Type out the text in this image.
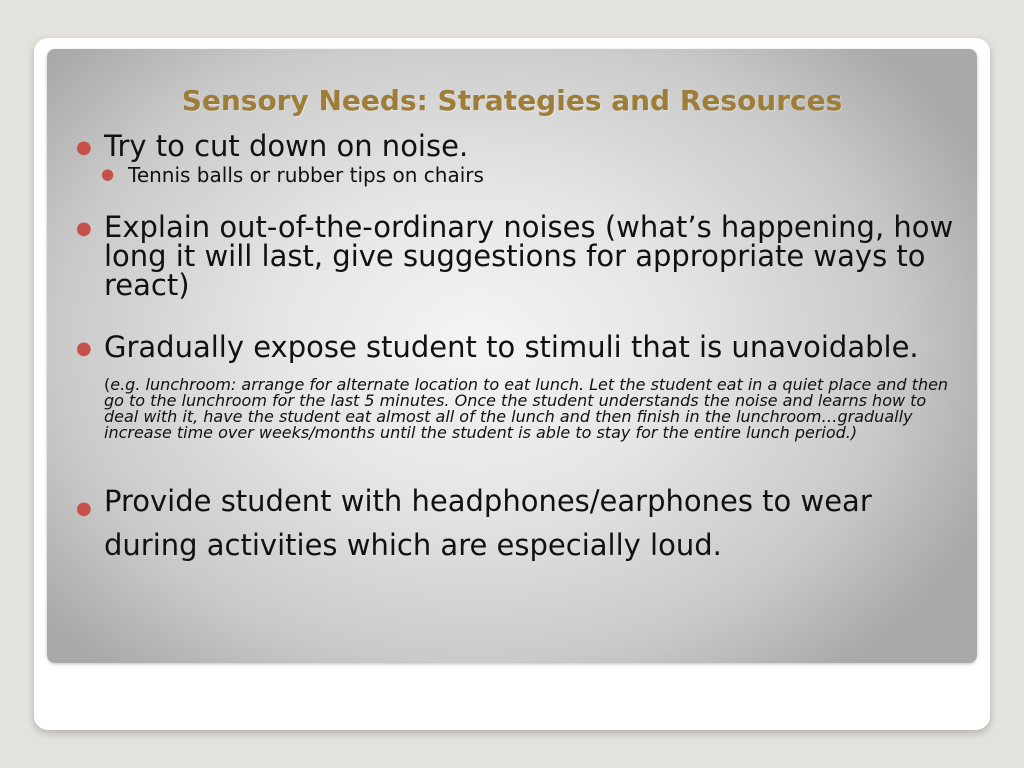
Sensory Needs: Strategies and Resources
● Try to cut down on noise.
● Tennis balls or rubber tips on chairs
● Explain out-of-the-ordinary noises (what’s happening, how long it will last, give suggestions for appropriate ways to react)
● Gradually expose student to stimuli that is unavoidable.
(e.g. lunchroom: arrange for alternate location to eat lunch. Let the student eat in a quiet place and then go to the lunchroom for the last 5 minutes. Once the student understands the noise and learns how to deal with it, have the student eat almost all of the lunch and then finish in the lunchroom…gradually increase time over weeks/months until the student is able to stay for the entire lunch period.)
● Provide student with headphones/earphones to wear during activities which are especially loud.
